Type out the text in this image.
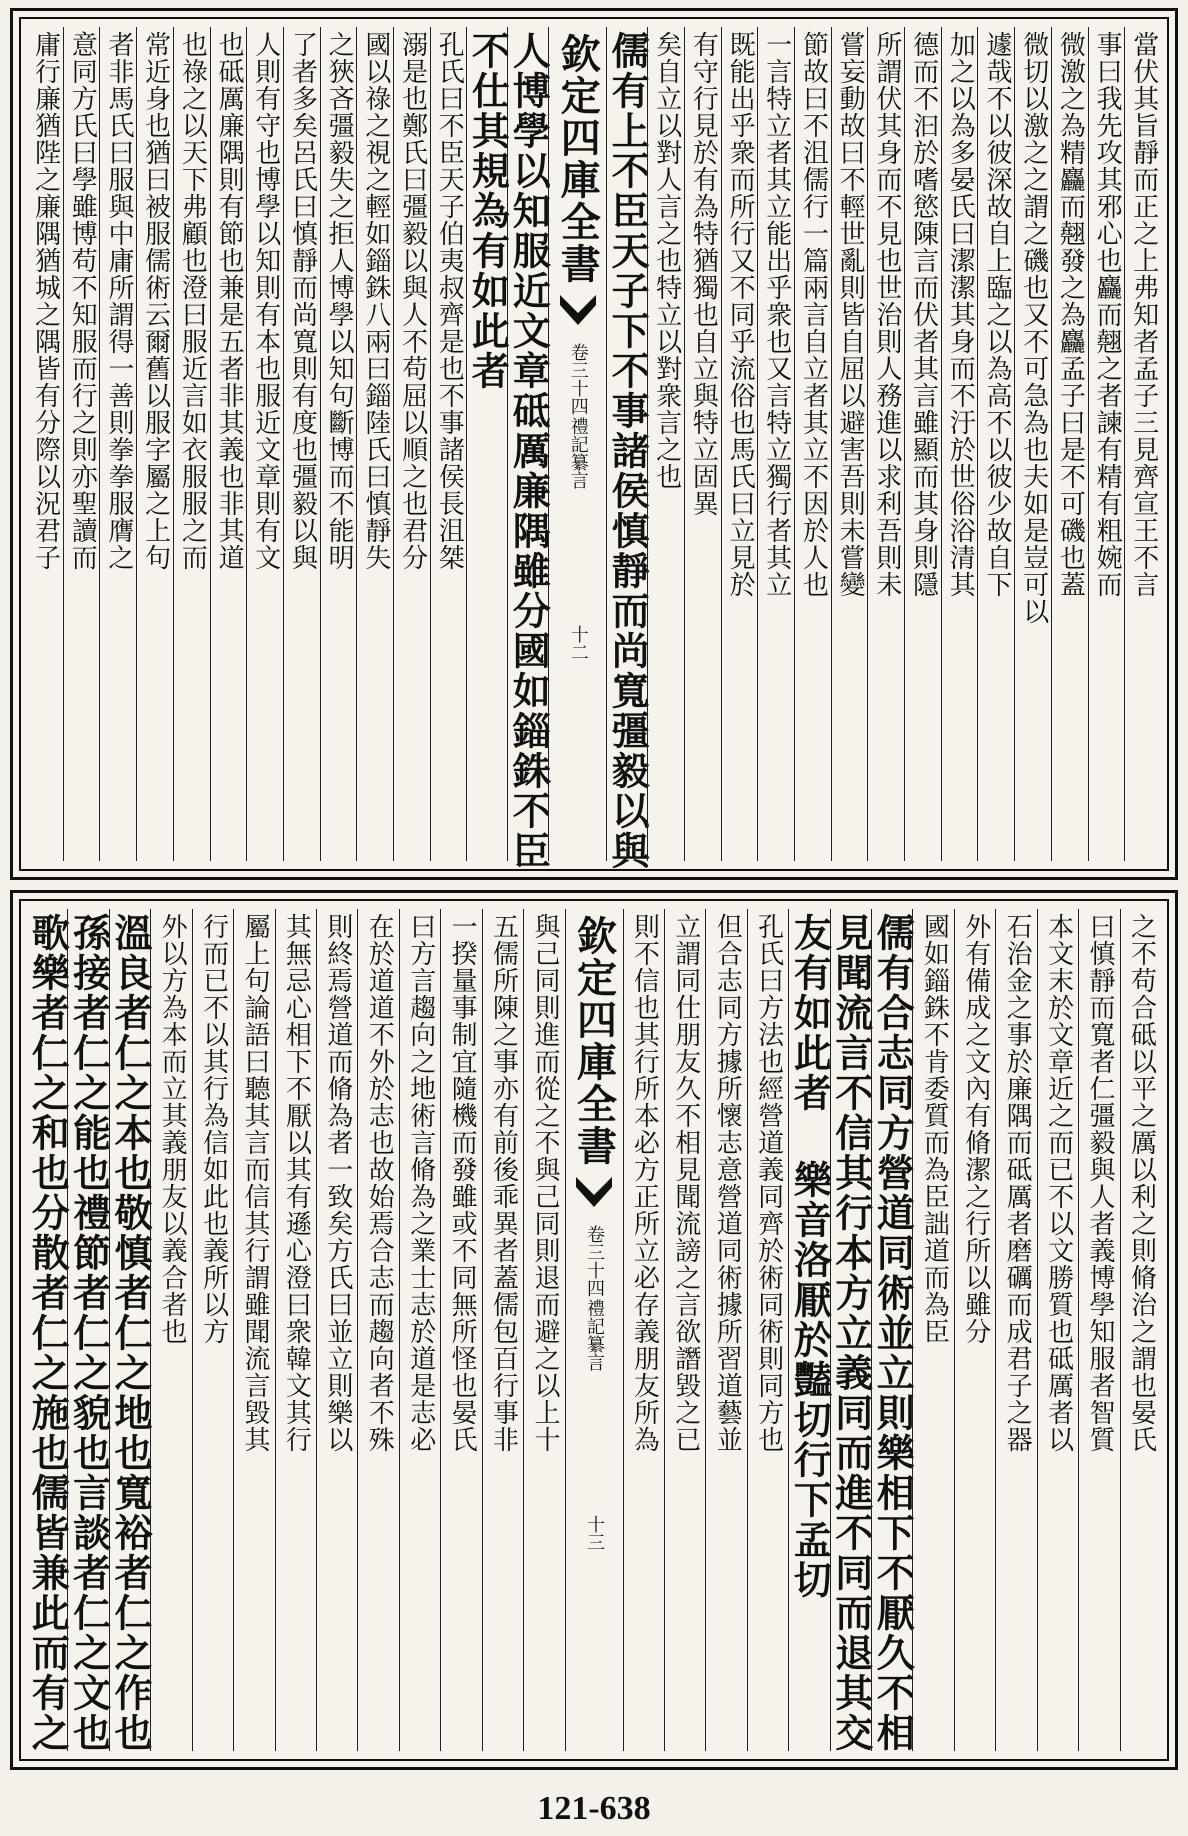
當伏其旨靜而正之上弗知者孟子三見齊宣王不言
事曰我先攻其邪心也麤而翹之者諫有精有粗婉而
微激之為精麤而翹發之為麤孟子曰是不可磯也蓋
微切以激之之謂之磯也又不可急為也夫如是豈可以
遽哉不以彼深故自上臨之以為高不以彼少故自下
加之以為多晏氏曰潔潔其身而不汙於世俗浴清其
德而不汩於嗜慾陳言而伏者其言雖顯而其身則隱
所謂伏其身而不見也世治則人務進以求利吾則未
嘗妄動故曰不輕世亂則皆自屈以避害吾則未嘗變
節故曰不沮儒行一篇兩言自立者其立不因於人也
一言特立者其立能出乎衆也又言特立獨行者其立
既能出乎衆而所行又不同乎流俗也馬氏曰立見於
有守行見於有為特猶獨也自立與特立固異
矣自立以對人言之也特立以對衆言之也
儒有上不臣天子下不事諸侯慎靜而尚寬彊毅以與
欽定四庫全書
禮記纂言
卷三十四
十二
人博學以知服近文章砥厲廉隅雖分國如錙銖不臣
不仕其規為有如此者
孔氏曰不臣天子伯夷叔齊是也不事諸侯長沮桀
溺是也鄭氏曰彊毅以與人不苟屈以順之也君分
國以祿之視之輕如錙銖八兩曰錙陸氏曰慎靜失
之狹吝彊毅失之拒人博學以知句斷博而不能明
了者多矣呂氏曰慎靜而尚寬則有度也彊毅以與
人則有守也博學以知則有本也服近文章則有文
也砥厲廉隅則有節也兼是五者非其義也非其道
也祿之以天下弗顧也澄曰服近言如衣服服之而
常近身也猶曰被服儒術云爾舊以服字屬之上句
者非馬氏曰服與中庸所謂得一善則拳拳服膺之
意同方氏曰學雖博苟不知服而行之則亦聖讀而
庸行廉猶陛之廉隅猶城之隅皆有分際以況君子
之不苟合砥以平之厲以利之則脩治之謂也晏氏
曰慎靜而寬者仁彊毅與人者義博學知服者智質
本文末於文章近之而已不以文勝質也砥厲者以
石治金之事於廉隅而砥厲者磨礪而成君子之器
外有備成之文內有脩潔之行所以雖分
國如錙銖不肯委質而為臣詘道而為臣
儒有合志同方營道同術並立則樂相下不厭久不相
見聞流言不信其行本方立義同而進不同而退其交
友有如此者 樂音洛厭於豔切行下孟切
孔氏曰方法也經營道義同齊於術同術則同方也
但合志同方據所懷志意營道同術據所習道藝並
立謂同仕朋友久不相見聞流謗之言欲譖毀之已
則不信也其行所本必方正所立必存義朋友所為
欽定四庫全書
禮記纂言
卷三十四
十三
與己同則進而從之不與己同則退而避之以上十
五儒所陳之事亦有前後乖異者蓋儒包百行事非
一揆量事制宜隨機而發雖或不同無所怪也晏氏
曰方言趨向之地術言脩為之業士志於道是志必
在於道道不外於志也故始焉合志而趨向者不殊
則終焉營道而脩為者一致矣方氏曰並立則樂以
其無忌心相下不厭以其有遜心澄曰衆韓文其行
屬上句論語曰聽其言而信其行謂雖聞流言毀其
行而已不以其行為信如此也義所以方
外以方為本而立其義朋友以義合者也
溫良者仁之本也敬慎者仁之地也寬裕者仁之作也
孫接者仁之能也禮節者仁之貌也言談者仁之文也
歌樂者仁之和也分散者仁之施也儒皆兼此而有之
121-638
